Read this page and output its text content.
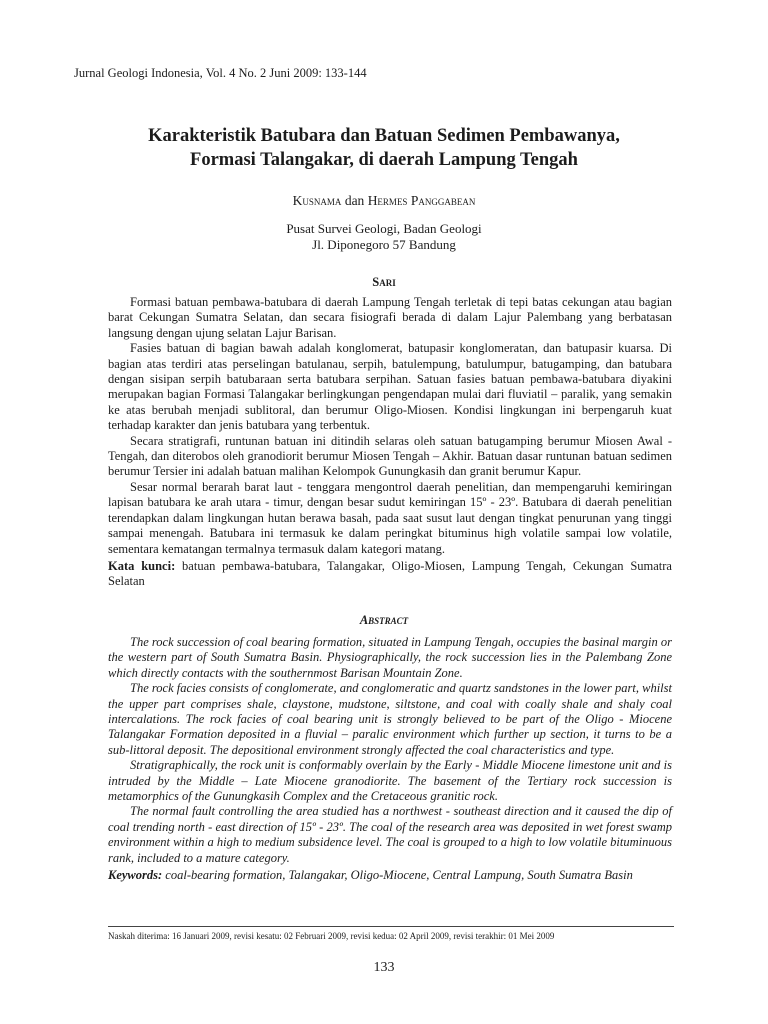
Jurnal Geologi Indonesia, Vol. 4 No. 2 Juni 2009: 133-144
Karakteristik Batubara dan Batuan Sedimen Pembawanya,
Formasi Talangakar, di daerah Lampung Tengah
Kusnama dan Hermes Panggabean
Pusat Survei Geologi, Badan Geologi
Jl. Diponegoro 57 Bandung
Sari

Formasi batuan pembawa-batubara di daerah Lampung Tengah terletak di tepi batas cekungan atau bagian barat Cekungan Sumatra Selatan, dan secara fisiografi berada di dalam Lajur Palembang yang berbatasan langsung dengan ujung selatan Lajur Barisan.

Fasies batuan di bagian bawah adalah konglomerat, batupasir konglomeratan, dan batupasir kuarsa. Di bagian atas terdiri atas perselingan batulanau, serpih, batulempung, batulumpur, batugamping, dan batubara dengan sisipan serpih batubaraan serta batubara serpihan. Satuan fasies batuan pembawa-batubara diyakini merupakan bagian Formasi Talangakar berlingkungan pengendapan mulai dari fluviatil – paralik, yang semakin ke atas berubah menjadi sublitoral, dan berumur Oligo-Miosen. Kondisi lingkungan ini berpengaruh kuat terhadap karakter dan jenis batubara yang terbentuk.

Secara stratigrafi, runtunan batuan ini ditindih selaras oleh satuan batugamping berumur Miosen Awal -Tengah, dan diterobos oleh granodiorit berumur Miosen Tengah – Akhir. Batuan dasar runtunan batuan sedimen berumur Tersier ini adalah batuan malihan Kelompok Gunungkasih dan granit berumur Kapur.

Sesar normal berarah barat laut - tenggara mengontrol daerah penelitian, dan mempengaruhi kemiringan lapisan batubara ke arah utara - timur, dengan besar sudut kemiringan 15º - 23º. Batubara di daerah penelitian terendapkan dalam lingkungan hutan berawa basah, pada saat susut laut dengan tingkat penurunan yang tinggi sampai menengah. Batubara ini termasuk ke dalam peringkat bituminus high volatile sampai low volatile, sementara kematangan termalnya termasuk dalam kategori matang.

Kata kunci: batuan pembawa-batubara, Talangakar, Oligo-Miosen, Lampung Tengah, Cekungan Sumatra Selatan
Abstract

The rock succession of coal bearing formation, situated in Lampung Tengah, occupies the basinal margin or the western part of South Sumatra Basin. Physiographically, the rock succession lies in the Palembang Zone which directly contacts with the southernmost Barisan Mountain Zone.

The rock facies consists of conglomerate, and conglomeratic and quartz sandstones in the lower part, whilst the upper part comprises shale, claystone, mudstone, siltstone, and coal with coally shale and shaly coal intercalations. The rock facies of coal bearing unit is strongly believed to be part of the Oligo - Miocene Talangakar Formation deposited in a fluvial – paralic environment which further up section, it turns to be a sub-littoral deposit. The depositional environment strongly affected the coal characteristics and type.

Stratigraphically, the rock unit is conformably overlain by the Early - Middle Miocene limestone unit and is intruded by the Middle – Late Miocene granodiorite. The basement of the Tertiary rock succession is metamorphics of the Gunungkasih Complex and the Cretaceous granitic rock.

The normal fault controlling the area studied has a northwest - southeast direction and it caused the dip of coal trending north - east direction of 15º - 23º. The coal of the research area was deposited in wet forest swamp environment within a high to medium subsidence level. The coal is grouped to a high to low volatile bituminuous rank, included to a mature category.

Keywords: coal-bearing formation, Talangakar, Oligo-Miocene, Central Lampung, South Sumatra Basin
Naskah diterima: 16 Januari 2009, revisi kesatu: 02 Februari 2009, revisi kedua: 02 April 2009, revisi terakhir: 01 Mei 2009
133
